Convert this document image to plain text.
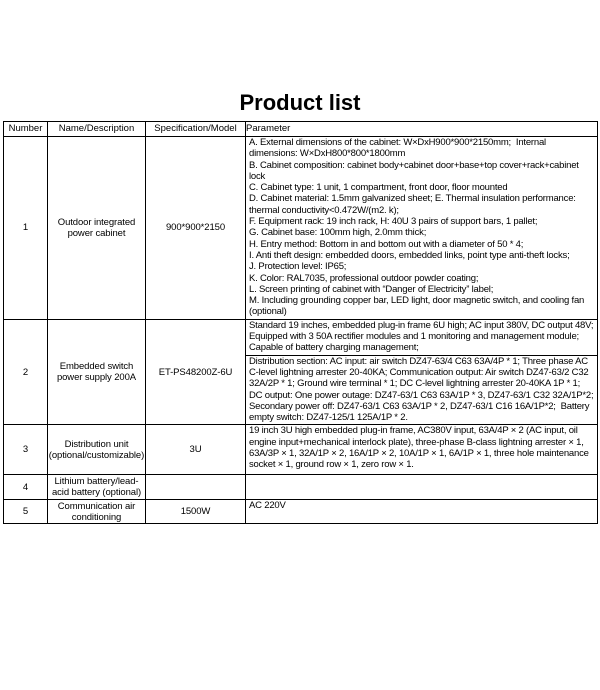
Product list
Number	Name/Description	Specification/Model	Parameter
1	Outdoor integrated power cabinet	900*900*2150	
A. External dimensions of the cabinet: W×DxH900*900*2150mm;  Internal dimensions: W×DxH800*800*1800mm
B. Cabinet composition: cabinet body+cabinet door+base+top cover+rack+cabinet lock
C. Cabinet type: 1 unit, 1 compartment, front door, floor mounted
D. Cabinet material: 1.5mm galvanized sheet; E. Thermal insulation performance: thermal conductivity<0.472W/(m2. k);
F. Equipment rack: 19 inch rack, H: 40U 3 pairs of support bars, 1 pallet;
G. Cabinet base: 100mm high, 2.0mm thick;
H. Entry method: Bottom in and bottom out with a diameter of 50 * 4;
I. Anti theft design: embedded doors, embedded links, point type anti-theft locks;
J. Protection level: IP65;
K. Color: RAL7035, professional outdoor powder coating;
L. Screen printing of cabinet with “Danger of Electricity” label;
M. Including grounding copper bar, LED light, door magnetic switch, and cooling fan (optional)

2	Embedded switch power supply 200A	ET-PS48200Z-6U	Standard 19 inches, embedded plug-in frame 6U high; AC input 380V, DC output 48V;
Equipped with 3 50A rectifier modules and 1 monitoring and management module;
Capable of battery charging management;
Distribution section: AC input: air switch DZ47-63/4 C63 63A/4P * 1; Three phase AC C-level lightning arrester 20-40KA; Communication output: Air switch DZ47-63/2 C32 32A/2P * 1; Ground wire terminal * 1; DC C-level lightning arrester 20-40KA 1P * 1; DC output: One power outage: DZ47-63/1 C63 63A/1P * 3, DZ47-63/1 C32 32A/1P*2; Secondary power off: DZ47-63/1 C63 63A/1P * 2, DZ47-63/1 C16 16A/1P*2;  Battery empty switch: DZ47-125/1 125A/1P * 2.

3	Distribution unit (optional/customizable)	3U	19 inch 3U high embedded plug-in frame, AC380V input, 63A/4P × 2 (AC input, oil engine input+mechanical interlock plate), three-phase B-class lightning arrester × 1, 63A/3P × 1, 32A/1P × 2, 16A/1P × 2, 10A/1P × 1, 6A/1P × 1, three hole maintenance socket × 1, ground row × 1, zero row × 1.

4	Lithium battery/lead-acid battery (optional)		
5	Communication air conditioning	1500W	AC 220V
